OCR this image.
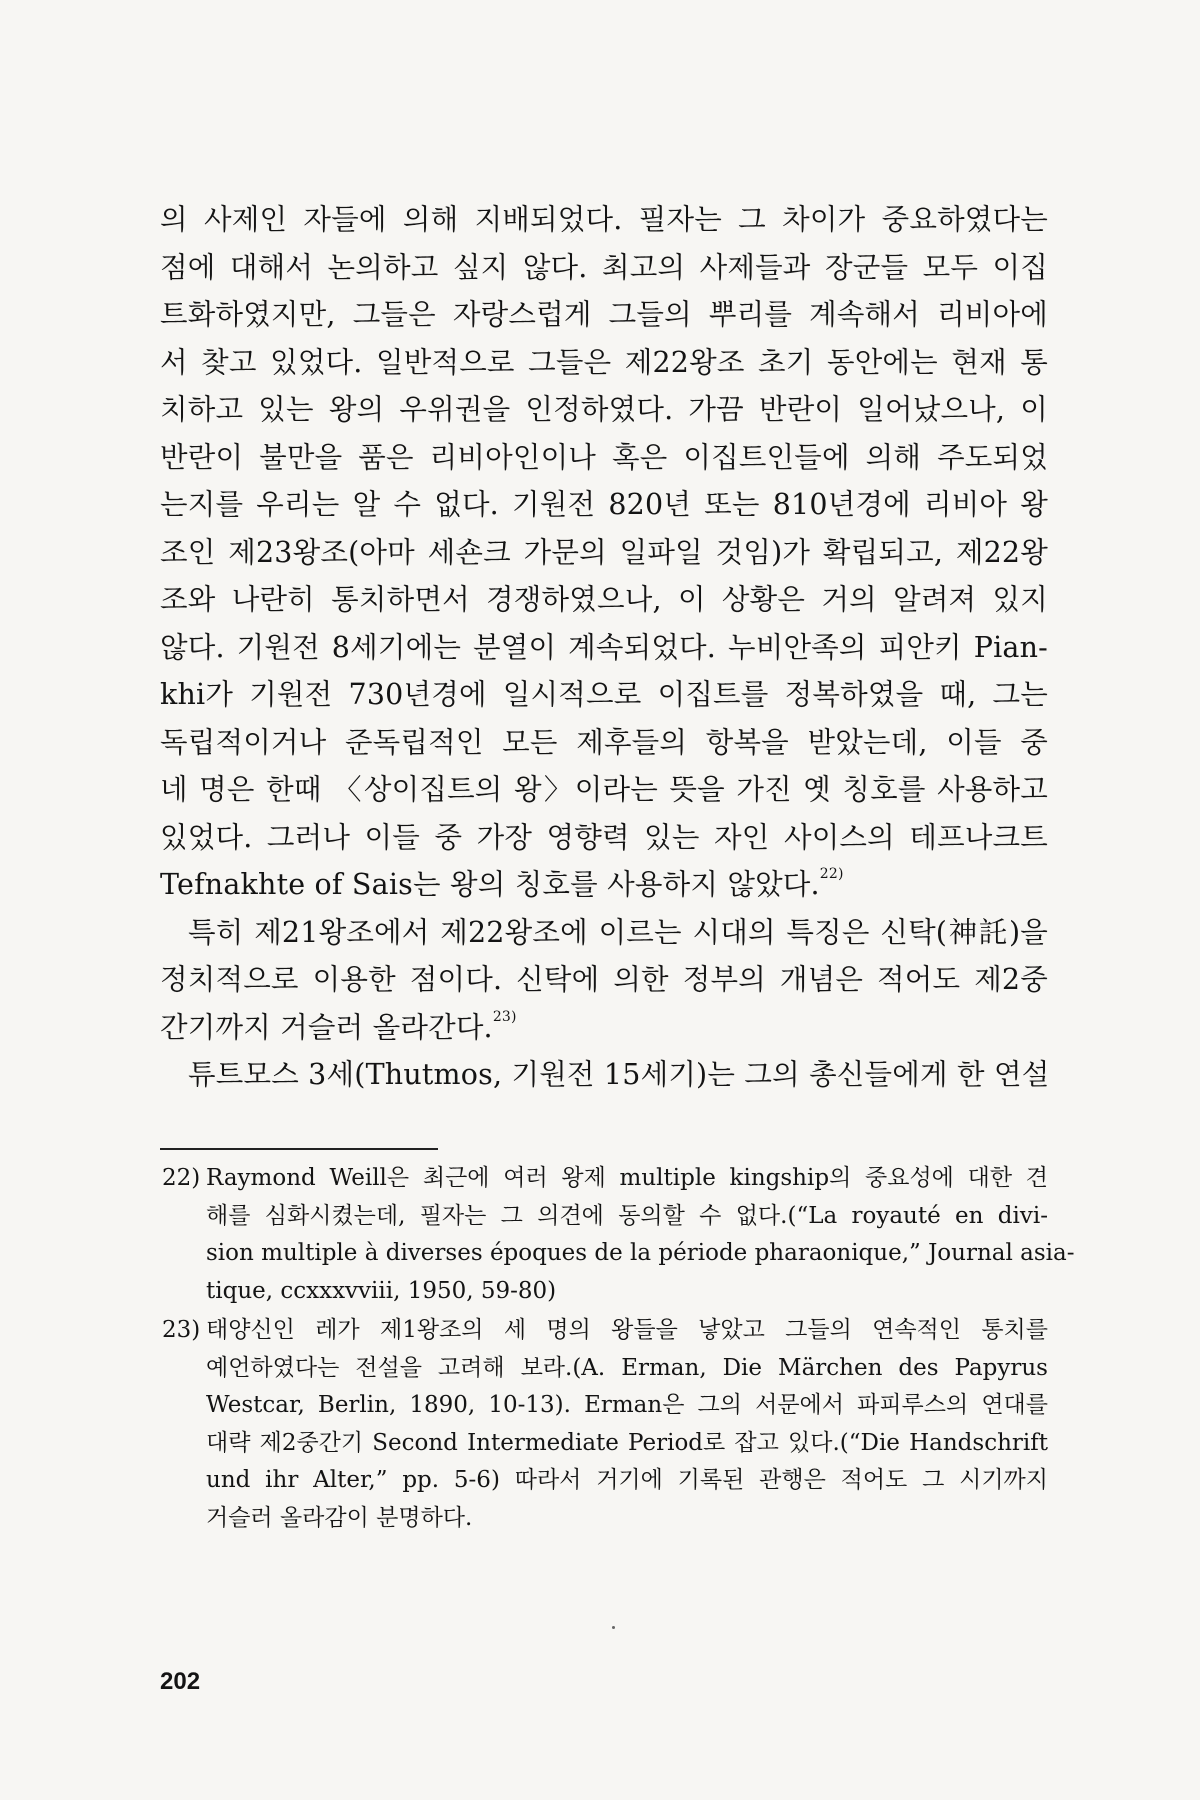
의 사제인 자들에 의해 지배되었다. 필자는 그 차이가 중요하였다는
점에 대해서 논의하고 싶지 않다. 최고의 사제들과 장군들 모두 이집
트화하였지만, 그들은 자랑스럽게 그들의 뿌리를 계속해서 리비아에
서 찾고 있었다. 일반적으로 그들은 제22왕조 초기 동안에는 현재 통
치하고 있는 왕의 우위권을 인정하였다. 가끔 반란이 일어났으나, 이
반란이 불만을 품은 리비아인이나 혹은 이집트인들에 의해 주도되었
는지를 우리는 알 수 없다. 기원전 820년 또는 810년경에 리비아 왕
조인 제23왕조(아마 세숀크 가문의 일파일 것임)가 확립되고, 제22왕
조와 나란히 통치하면서 경쟁하였으나, 이 상황은 거의 알려져 있지
않다. 기원전 8세기에는 분열이 계속되었다. 누비안족의 피안키 Pian-
khi가 기원전 730년경에 일시적으로 이집트를 정복하였을 때, 그는
독립적이거나 준독립적인 모든 제후들의 항복을 받았는데, 이들 중
네 명은 한때 〈상이집트의 왕〉이라는 뜻을 가진 옛 칭호를 사용하고
있었다. 그러나 이들 중 가장 영향력 있는 자인 사이스의 테프나크트
Tefnakhte of Sais는 왕의 칭호를 사용하지 않았다.$^{22)}$
특히 제21왕조에서 제22왕조에 이르는 시대의 특징은 신탁(神託)을
정치적으로 이용한 점이다. 신탁에 의한 정부의 개념은 적어도 제2중
간기까지 거슬러 올라간다.$^{23)}$
튜트모스 3세(Thutmos, 기원전 15세기)는 그의 총신들에게 한 연설
22) Raymond Weill은 최근에 여러 왕제 multiple kingship의 중요성에 대한 견
해를 심화시켰는데, 필자는 그 의견에 동의할 수 없다.(“La royauté en divi-
sion multiple à diverses époques de la période pharaonique,” Journal asia-
tique, ccxxxvviii, 1950, 59-80)
23) 태양신인 레가 제1왕조의 세 명의 왕들을 낳았고 그들의 연속적인 통치를
예언하였다는 전설을 고려해 보라.(A. Erman, Die Märchen des Papyrus
Westcar, Berlin, 1890, 10-13). Erman은 그의 서문에서 파피루스의 연대를
대략 제2중간기 Second Intermediate Period로 잡고 있다.(“Die Handschrift
und ihr Alter,” pp. 5-6) 따라서 거기에 기록된 관행은 적어도 그 시기까지
거슬러 올라감이 분명하다.
202
